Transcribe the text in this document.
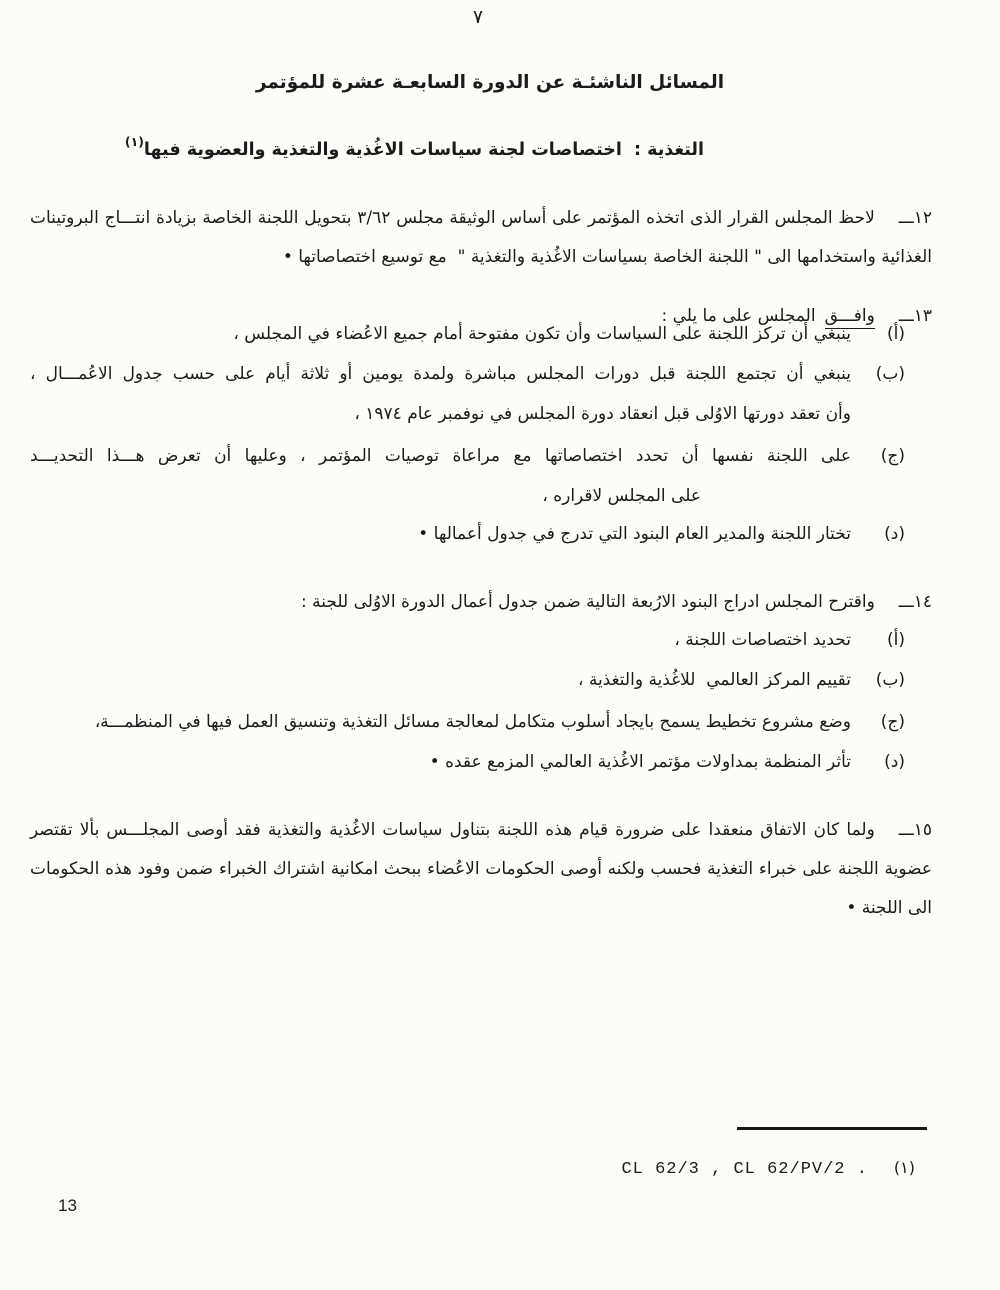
٧
المسائل الناشئـة عن الدورة السابعـة عشرة للمؤتمر
التغذية :  اختصاصات لجنة سياسات الاغُذية والتغذية والعضوية فيها$^{(١)}$

١٢ـــلاحظ المجلس القرار الذى اتخذه المؤتمر على أساس الوثيقة مجلس ٣/٦٢ بتحويل اللجنة الخاصة بزيادة انتـــاج البروتينات الغذائية واستخدامها الى " اللجنة الخاصة بسياسات الاغُذية والتغذية "  مع توسيع اختصاصاتها •

١٣ـــوافـــقالمجلس على ما يلي :

(أ)
ينبغي أن تركز اللجنة على السياسات وأن تكون مفتوحة أمام جميع الاعُضاء في المجلس ،
(ب)
ينبغي أن تجتمع اللجنة قبل دورات المجلس مباشرة ولمدة يومين أو ثلاثة أيام على حسب جدول الاعُمـــال ،
وأن تعقد دورتها الاوُلى قبل انعقاد دورة المجلس في نوفمبر عام ١٩٧٤ ،
(ج)
على اللجنة نفسها أن تحدد اختصاصاتها مع مراعاة توصيات المؤتمر ، وعليها أن تعرض هـــذا التحديـــد
على المجلس لاقراره ،
(د)
تختار اللجنة والمدير العام البنود التي تدرج في جدول أعمالها •

١٤ـــواقترح المجلس ادراج البنود الارُبعة التالية ضمن جدول أعمال الدورة الاوُلى للجنة :

(أ)
تحديد اختصاصات اللجنة ،
(ب)
تقييم المركز العالمي  للاغُذية والتغذية ،
(ج)
وضع مشروع تخطيط يسمح بايجاد أسلوب متكامل لمعالجة مسائل التغذية وتنسيق العمل فيها في المنظمـــة،
(د)
تأثر المنظمة بمداولات مؤتمر الاغُذية العالمي المزمع عقده •

١٥ـــولما كان الاتفاق منعقدا على ضرورة قيام هذه اللجنة بتناول سياسات الاغُذية والتغذية فقد أوصى المجلـــس بألا تقتصر عضوية اللجنة على خبراء التغذية فحسب ولكنه أوصى الحكومات الاعُضاء ببحث امكانية اشتراك الخبراء ضمن وفود هذه الحكومات الى اللجنة •

(١)
CL 62/3 , CL 62/PV/2 .
13
